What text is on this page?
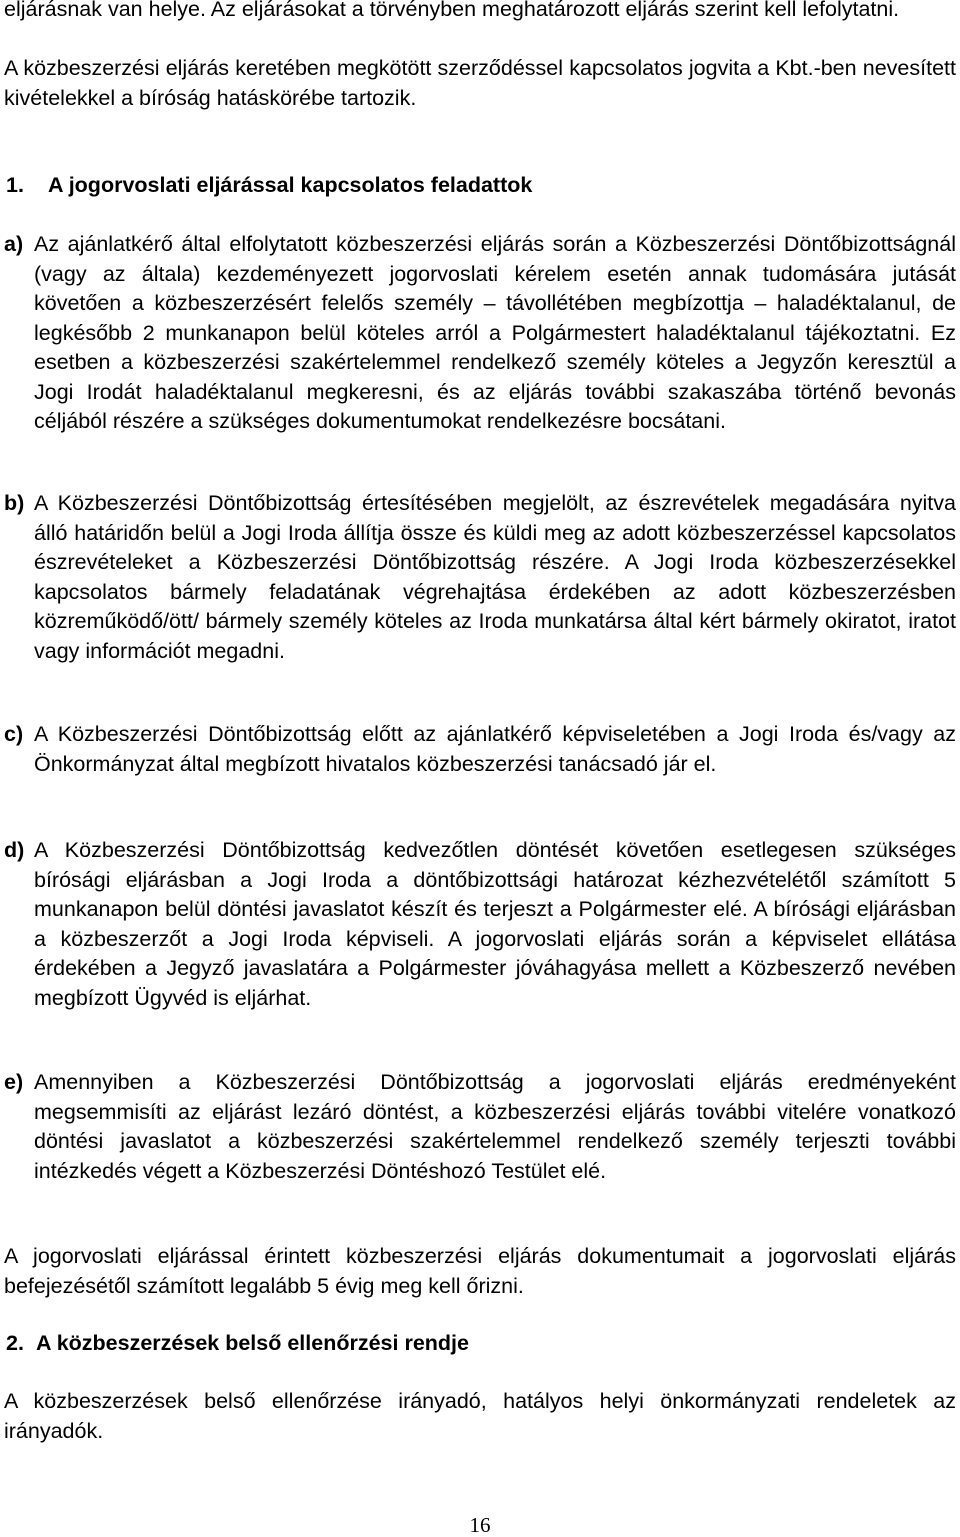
eljárásnak van helye. Az eljárásokat a törvényben meghatározott eljárás szerint kell lefolytatni.
A közbeszerzési eljárás keretében megkötött szerződéssel kapcsolatos jogvita a Kbt.-ben nevesített kivételekkel a bíróság hatáskörébe tartozik.
1. A jogorvoslati eljárással kapcsolatos feladattok
a) Az ajánlatkérő által elfolytatott közbeszerzési eljárás során a Közbeszerzési Döntőbizottságnál (vagy az általa) kezdeményezett jogorvoslati kérelem esetén annak tudomására jutását követően a közbeszerzésért felelős személy – távollétében megbízottja – haladéktalanul, de legkésőbb 2 munkanapon belül köteles arról a Polgármestert haladéktalanul tájékoztatni. Ez esetben a közbeszerzési szakértelemmel rendelkező személy köteles a Jegyzőn keresztül a Jogi Irodát haladéktalanul megkeresni, és az eljárás további szakaszába történő bevonás céljából részére a szükséges dokumentumokat rendelkezésre bocsátani.
b) A Közbeszerzési Döntőbizottság értesítésében megjelölt, az észrevételek megadására nyitva álló határidőn belül a Jogi Iroda állítja össze és küldi meg az adott közbeszerzéssel kapcsolatos észrevételeket a Közbeszerzési Döntőbizottság részére. A Jogi Iroda közbeszerzésekkel kapcsolatos bármely feladatának végrehajtása érdekében az adott közbeszerzésben közreműködő/ött/ bármely személy köteles az Iroda munkatársa által kért bármely okiratot, iratot vagy információt megadni.
c) A Közbeszerzési Döntőbizottság előtt az ajánlatkérő képviseletében a Jogi Iroda és/vagy az Önkormányzat által megbízott hivatalos közbeszerzési tanácsadó jár el.
d) A Közbeszerzési Döntőbizottság kedvezőtlen döntését követően esetlegesen szükséges bírósági eljárásban a Jogi Iroda a döntőbizottsági határozat kézhezvételétől számított 5 munkanapon belül döntési javaslatot készít és terjeszt a Polgármester elé. A bírósági eljárásban a közbeszerzőt a Jogi Iroda képviseli. A jogorvoslati eljárás során a képviselet ellátása érdekében a Jegyző javaslatára a Polgármester jóváhagyása mellett a Közbeszerző nevében megbízott Ügyvéd is eljárhat.
e) Amennyiben a Közbeszerzési Döntőbizottság a jogorvoslati eljárás eredményeként megsemmisíti az eljárást lezáró döntést, a közbeszerzési eljárás további vitelére vonatkozó döntési javaslatot a közbeszerzési szakértelemmel rendelkező személy terjeszti további intézkedés végett a Közbeszerzési Döntéshozó Testület elé.
A jogorvoslati eljárással érintett közbeszerzési eljárás dokumentumait a jogorvoslati eljárás befejezésétől számított legalább 5 évig meg kell őrizni.
2. A közbeszerzések belső ellenőrzési rendje
A közbeszerzések belső ellenőrzése irányadó, hatályos helyi önkormányzati rendeletek az irányadók.
16
